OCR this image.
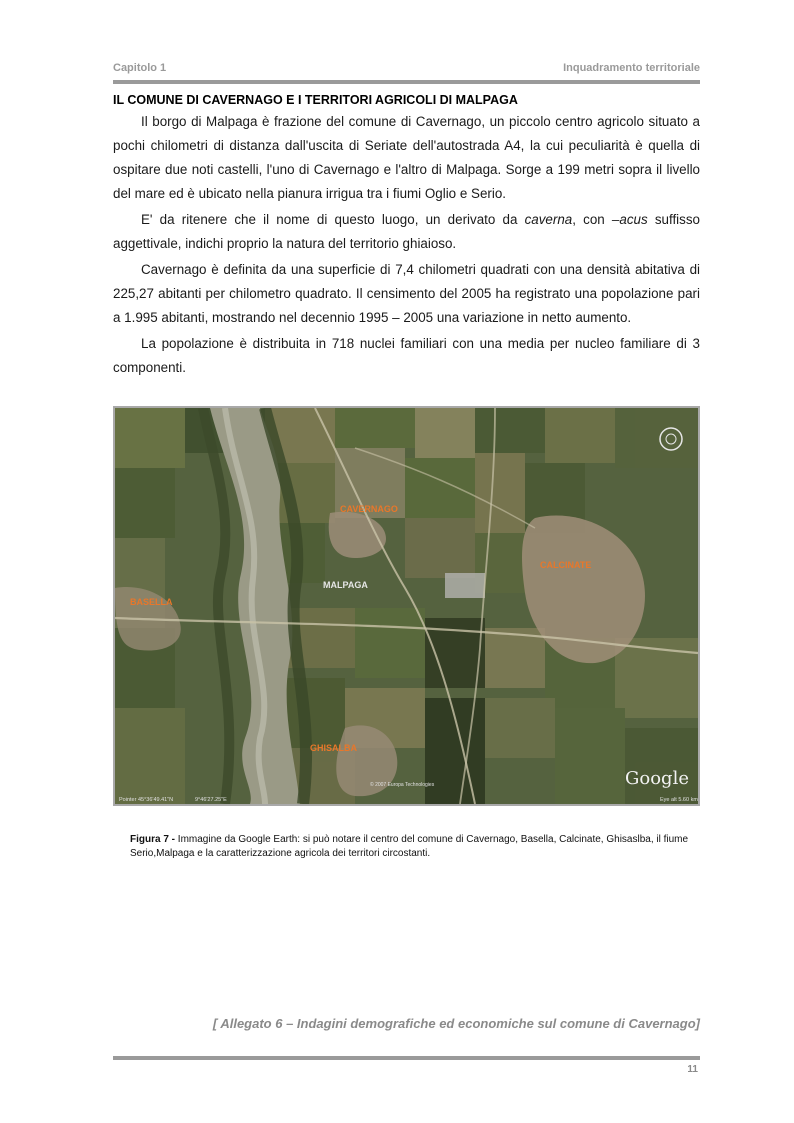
Capitolo 1	Inquadramento territoriale

IL COMUNE DI CAVERNAGO E I TERRITORI AGRICOLI DI MALPAGA

Il borgo di Malpaga è frazione del comune di Cavernago, un piccolo centro agricolo situato a pochi chilometri di distanza dall'uscita di Seriate dell'autostrada A4, la cui peculiarità è quella di ospitare due noti castelli, l'uno di Cavernago e l'altro di Malpaga. Sorge a 199 metri sopra il livello del mare ed è ubicato nella pianura irrigua tra i fiumi Oglio e Serio.

E' da ritenere che il nome di questo luogo, un derivato da caverna, con –acus suffisso aggettivale, indichi proprio la natura del territorio ghiaioso.

Cavernago è definita da una superficie di 7,4 chilometri quadrati con una densità abitativa di 225,27 abitanti per chilometro quadrato. Il censimento del 2005 ha registrato una popolazione pari a 1.995 abitanti, mostrando nel decennio 1995 – 2005 una variazione in netto aumento.

La popolazione è distribuita in 718 nuclei familiari con una media per nucleo familiare di 3 componenti.

CAVERNAGO
CALCINATE
MALPAGA
BASELLA
GHISALBA
Google
© 2007 Europa Technologies
Pointer 45°36'49.41"N	9°46'27.25"E	Eye alt 5.60 km
Figura 7 - Immagine da Google Earth: si può notare il centro del comune di Cavernago, Basella, Calcinate, Ghisaslba, il fiume Serio,Malpaga e la caratterizzazione agricola dei territori circostanti.
[ Allegato 6 – Indagini demografiche ed economiche sul comune di Cavernago]
11
